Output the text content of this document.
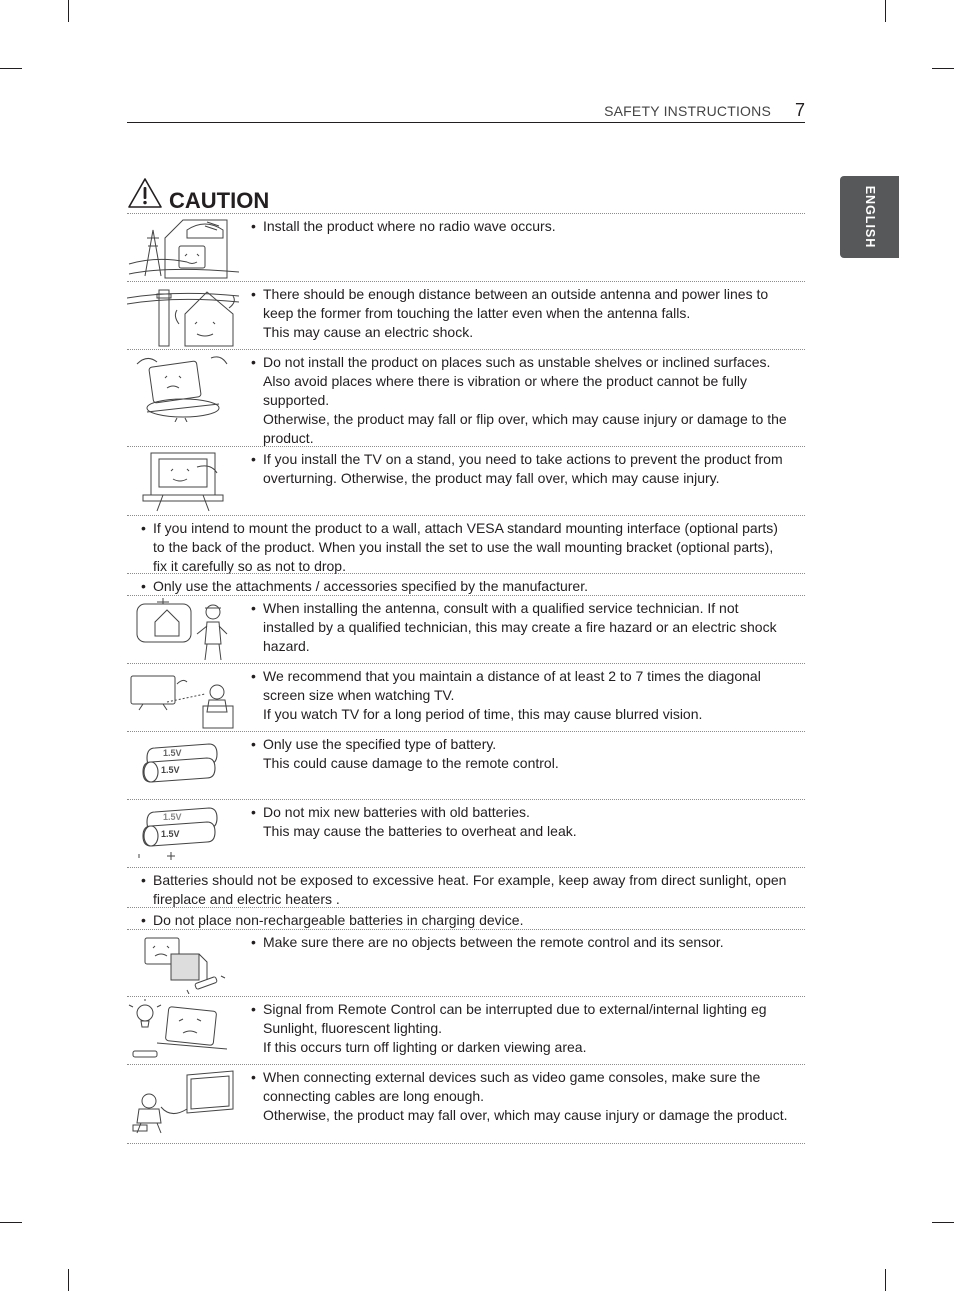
SAFETY INSTRUCTIONS 7
ENGLISH
CAUTION
• Install the product where no radio wave occurs.
• There should be enough distance between an outside antenna and power lines to keep the former from touching the latter even when the antenna falls.
This may cause an electric shock.
• Do not install the product on places such as unstable shelves or inclined surfaces. Also avoid places where there is vibration or where the product cannot be fully supported.
Otherwise, the product may fall or flip over, which may cause injury or damage to the product.
• If you install the TV on a stand, you need to take actions to prevent the product from overturning. Otherwise, the product may fall over, which may cause injury.
• If you intend to mount the product to a wall, attach VESA standard mounting interface (optional parts) to the back of the product. When you install the set to use the wall mounting bracket (optional parts), fix it carefully so as not to drop.
• Only use the attachments / accessories specified by the manufacturer.
• When installing the antenna, consult with a qualified service technician. If not installed by a qualified technician, this may create a fire hazard or an electric shock hazard.
• We recommend that you maintain a distance of at least 2 to 7 times the diagonal screen size when watching TV.
If you watch TV for a long period of time, this may cause blurred vision.
1.5V
1.5V
• Only use the specified type of battery.
This could cause damage to the remote control.
1.5V
1.5V
• Do not mix new batteries with old batteries.
This may cause the batteries to overheat and leak.
• Batteries should not be exposed to excessive heat. For example, keep away from direct sunlight, open fireplace and electric heaters .
• Do not place non-rechargeable batteries in charging device.
• Make sure there are no objects between the remote control and its sensor.
• Signal from Remote Control can be interrupted due to external/internal lighting eg Sunlight, fluorescent lighting.
If this occurs turn off lighting or darken viewing area.
• When connecting external devices such as video game consoles, make sure the connecting cables are long enough.
Otherwise, the product may fall over, which may cause injury or damage the product.
